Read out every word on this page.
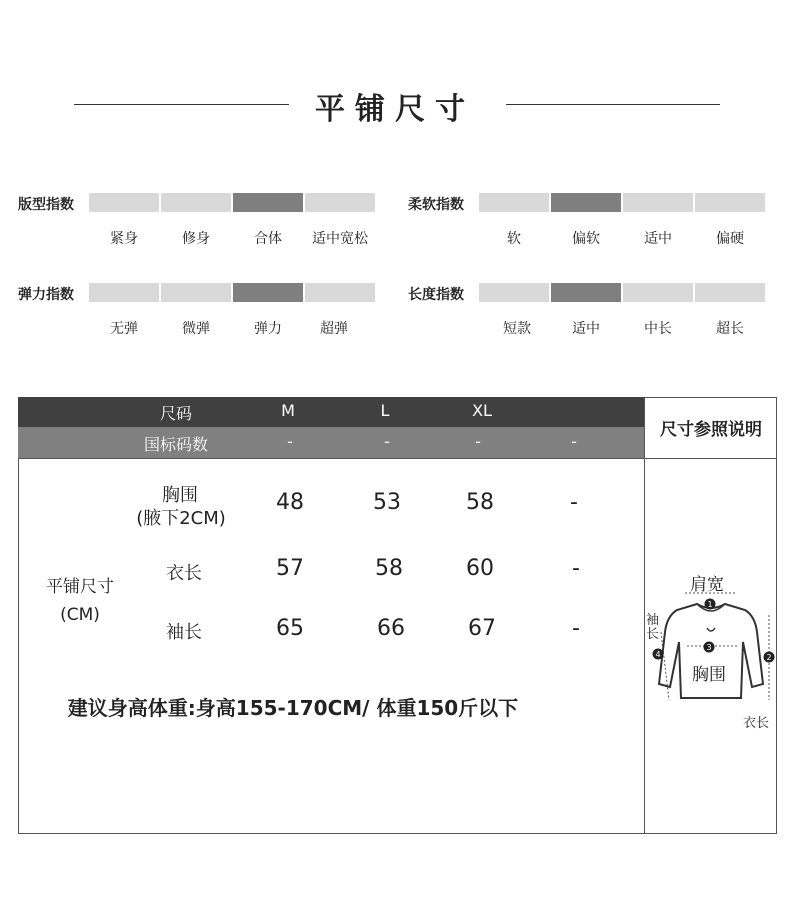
平铺尺寸
版型指数
紧身	修身	合体	适中宽松
柔软指数
软	偏软	适中	偏硬
弹力指数
无弹	微弹	弹力	超弹
长度指数
短款	适中	中长	超长
尺码	M	L	XL
国标码数	-	-	-	-
平铺尺寸
(CM)
胸围
(腋下2CM)
48	53	58	-
衣长	57	58	60	-
袖长	65	66	67	-
建议身高体重:身高155-170CM/ 体重150斤以下
尺寸参照说明
1
2
3
4
肩宽
袖长
胸围
衣长
